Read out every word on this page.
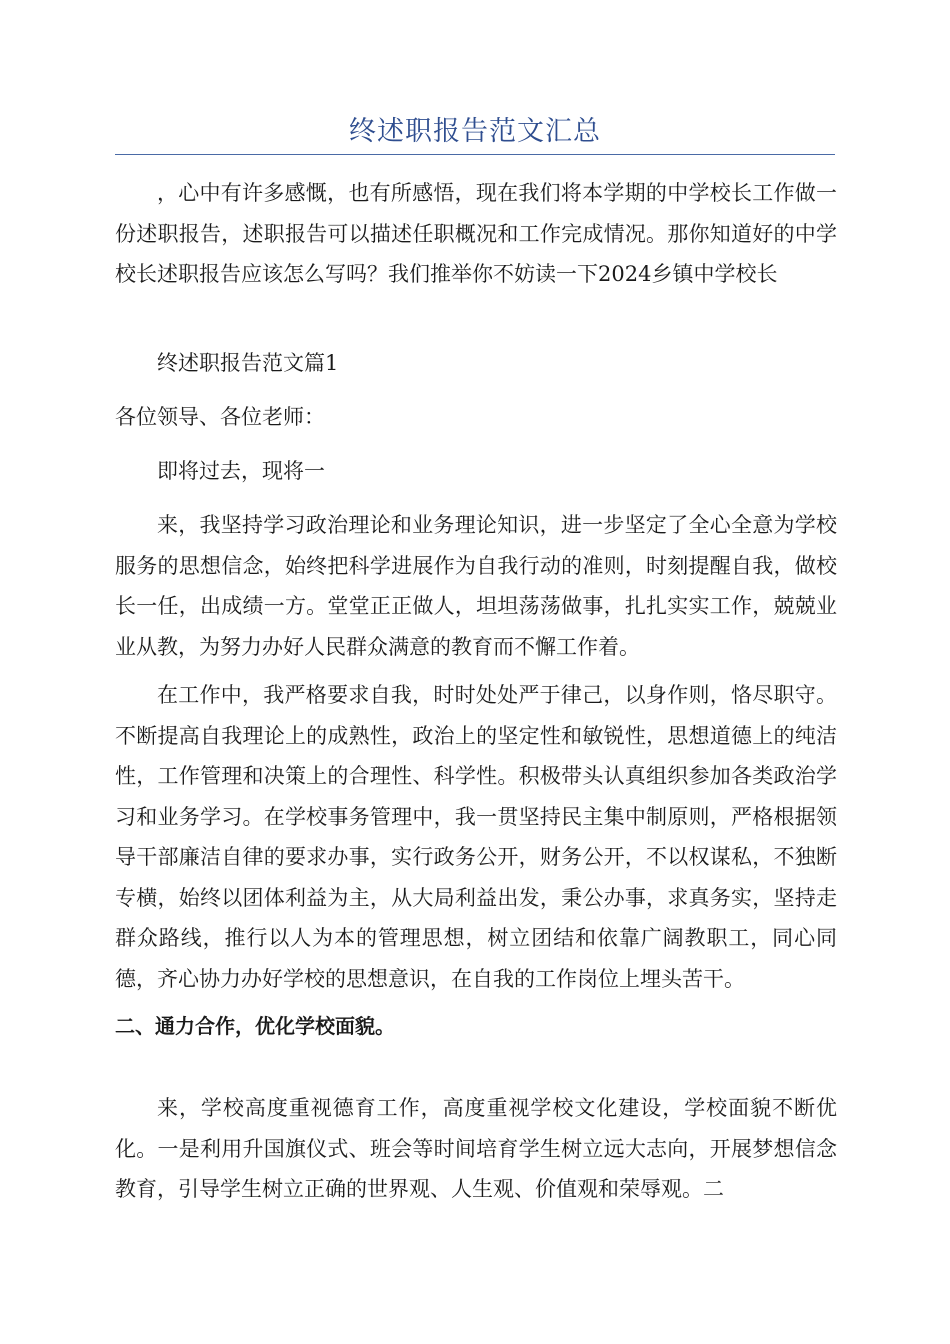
终述职报告范文汇总

，心中有许多感慨，也有所感悟，现在我们将本学期的中学校长工作做一份述职报告，述职报告可以描述任职概况和工作完成情况。那你知道好的中学校长述职报告应该怎么写吗？我们推举你不妨读一下2024乡镇中学校长

终述职报告范文篇1

各位领导、各位老师：

即将过去，现将一

来，我坚持学习政治理论和业务理论知识，进一步坚定了全心全意为学校服务的思想信念，始终把科学进展作为自我行动的准则，时刻提醒自我，做校长一任，出成绩一方。堂堂正正做人，坦坦荡荡做事，扎扎实实工作，兢兢业业从教，为努力办好人民群众满意的教育而不懈工作着。

在工作中，我严格要求自我，时时处处严于律己，以身作则，恪尽职守。不断提高自我理论上的成熟性，政治上的坚定性和敏锐性，思想道德上的纯洁性，工作管理和决策上的合理性、科学性。积极带头认真组织参加各类政治学习和业务学习。在学校事务管理中，我一贯坚持民主集中制原则，严格根据领导干部廉洁自律的要求办事，实行政务公开，财务公开，不以权谋私，不独断专横，始终以团体利益为主，从大局利益出发，秉公办事，求真务实，坚持走群众路线，推行以人为本的管理思想，树立团结和依靠广阔教职工，同心同德，齐心协力办好学校的思想意识，在自我的工作岗位上埋头苦干。

二、通力合作，优化学校面貌。

来，学校高度重视德育工作，高度重视学校文化建设，学校面貌不断优化。一是利用升国旗仪式、班会等时间培育学生树立远大志向，开展梦想信念教育，引导学生树立正确的世界观、人生观、价值观和荣辱观。二
